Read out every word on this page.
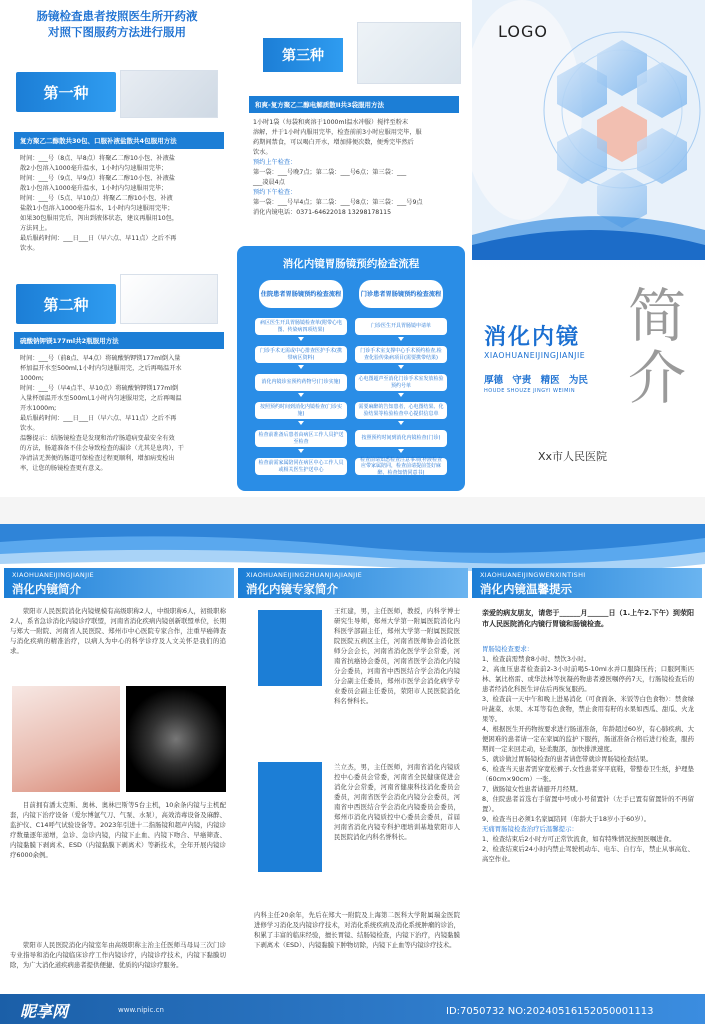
肠镜检查患者按照医生所开药液
对照下图服药方法进行服用
第一种
复方聚乙二醇散共30包、口服补液盐散共4包服用方法
时间：___号（8点、早8点）将聚乙二醇10小包、补液盐
散2小包溶入1000毫升温水，1小时内匀速服用完毕；
时间：___号（9点、早9点）将聚乙二醇10小包、补液盐
散1小包溶入1000毫升温水，1小时内匀速服用完毕；
时间：___号（5点、早10点）将聚乙二醇10小包、补液
盐散1小包溶入1000毫升温水，1小时内匀速服用完毕；
如果30包服用完后，泻出到液体状态，建议再服用10包，
方法同上。
最后服药时间：___日___日（早六点、早11点）之后不再
饮水。
第二种
硫酸钠钾镁177ml共2瓶服用方法
时间：___号（前8点、早4点）将硫酸钠钾镁177ml倒入量
杯加温开水至500ml,1小时内匀速服用完，之后再喝温开水
1000m;
时间：___号（早4点半、早10点）将硫酸钠钾镁177ml倒
入量杯加温开水至500ml,1小时内匀速服用完，之后再喝温
开水1000m;
最后服药时间：___日___日（早六点、早11点）之后不再
饮水。
温馨提示：结肠镜检查是发现和治疗肠道病变最安全有效
的方法，肠道准备不佳会导致检查的漏诊（尤其是息肉），干
净清洁无粪便的肠道可保检查过程更顺利，增加病变检出
率，让您的肠镜检查更有意义。
第三种
和爽-复方聚乙二醇电解质散II共3袋服用方法
1小时1袋（每袋和爽溶于1000ml温水冲服）搅拌至粉末
溶解，并于1小时内服用完毕，检查前前3小时应服用完毕，服
药期间禁食，可以喝白开水，增加排便次数，便秀完毕然后
饮水。
预约上午检查：
第一袋：___号晚7点；第二袋：___号6点；第三袋：___
___凌晨4点
预约下午检查：
第一袋：___号早4点；第二袋：___号8点；第三袋：___号9点
消化内镜电话：0371-64622018 13298178115
消化内镜胃肠镜预约检查流程
住院患者胃肠镜预约检查流程	门诊患者胃肠镜预约检查流程
病区医生开具胃肠镜检查单(附带心电图、传染病四项结果)
门诊手术无需或中心排查医护手术(携带病区资料)
消化内镜诊室预约药物号(门诊实施)
按照预约时间到消化内镜检查(门诊实施)
检查前准备后患者由病区工作人员护送至检查
检查前需家属陪同在病区中心工作人员或相关医生护送中心
门诊医生开具胃肠镜申请单
门诊手术室支撑中心手术预约检查,检查化验传染病项目(需要携带结果)
心电图超声至消化门诊手术室发放检验预约号单
需要麻醉的告知患者，心电图结果、化验结果等检验检查中心提供信息单
按照预约时间到消化内镜检查(门诊)
检查前请知悉检查注意事项(补液检查应带家属陪同，检查前请提前签好麻醉、检查知情同意书)
LOGO
消化内镜
XIAOHUANEIJINGJIANJIE
厚德 守责 精医 为民
HOUDE SHOUZE JINGYI WEIMIN
简介
Xx市人民医院
XIAOHUANEIJINGJIANJIE
消化内镜简介

荥阳市人民医院消化内镜规模有高级职称2人，中级职称6人，初级职称2人，系省急诊消化内镜诊疗联盟，河南省消化疾病内镜创新联盟单位，长期与郑大一附院、河南省人民医院、郑州市中心医院专家合作，注重早癌筛查与消化疾病的精准治疗，以病人为中心的科学诊疗及人文关怀是我们的追求。

目前拥有潘太克斯、奥林、奥林巴斯等5台主机，10余条内镜与主机配套，内镜下治疗设备（爱尔博氩气刀、气泵、水泵），高效消毒设备及麻醉、监护仪、C14呼气试验设备等。2023年引进十二指肠镜和超声内镜，内镜诊疗数量逐年递增，急诊、急诊内镜，内镜下止血、内镜下吻合、早癌筛查、内镜黏膜下剥离术、ESD（内镜黏膜下剥离术）等新技术，全年开展内镜诊疗6000余例。

荥阳市人民医院消化内镜室年由高级职称主治主任医师马母局三次门诊专业指导和消化内镜临床诊疗工作内镜诊疗，内镜诊疗技术，内镜下黏膜切除，为广大消化道疾病患者提供便捷、优质的内镜诊疗服务。

XIAOHUANEIJINGZHUANJIAJIANJIE
消化内镜专家简介
王红建，男，主任医师，教授，内科学博士 研究生导师，郑州大学第一附属医院消化内科医学部副主任，郑州大学第一附属医院医院医院五病区主任，河南省医师协会消化医师分会会长，河南省消化医学学会常委，河南省抗癌协会委员，河南省医学会消化内镜分会委员，河南省中西医结合学会消化内镜分会副主任委员，郑州市医学会消化病学专业委员会副主任委员，荥阳市人民医院消化科名誉科长。
兰立杰，男，主任医师，河南省消化内镜质控中心委员会常委，河南省全民健康促进会消化分会常委，河南省健康科技消化委员会委员，河南省医学会消化内镜分会委员，河南省中西医结合学会消化内镜委员会委员，郑州市消化内镜质控中心委员会委员，首届河南省消化内镜专科护理培训基地荥阳市人民医院消化内科名誉科长。
内科主任20余年，先后在郑大一附院及上海第二医科大学附属瑞金医院进修学习消化及内镜诊疗技术，对消化系统疾病及消化系统肿瘤的诊治，积累了丰富的临床经验，擅长胃镜、结肠镜检查，内镜下治疗，内镜黏膜下剥离术（ESD）、内镜黏膜下肿物切除，内镜下止血等内镜诊疗技术。
XIAOHUANEIJINGWENXINTISHI
消化内镜温馨提示
亲爱的病友朋友，请您于______月______日（1.上午2.下午）到荥阳市人民医院消化内镜行胃镜和肠镜检查。
胃肠镜检查要求：
1、检查前需禁食8小时、禁饮3小时。
2、高血压患者检查前2-3小时前喝5-10ml水并口服降压药；口服阿斯匹林、氯比格雷、或华法林等抗凝药物患者遵医嘱停药7天，行肠镜检查后的患者经消化科医生评估后再恢复服药。
3、检查前一天中午和晚上进易消化（可食面条、米饭等白色食物）：禁食绿叶蔬菜、水果、木耳等有色食物，禁止食用有籽的水果如西瓜、甜瓜、火龙果等。
4、根据医生开药物按要求进行肠道准备，年龄超过60岁，有心肺疾病、大便困难的患者请一定在家属的监护下服药，肠道准备合格后进行检查，服药期间一定来回走动，轻柔腹部，加快排泄速度。
5、就诊做过胃肠镜检查的患者请您带就诊胃肠镜检查结果。
6、检查当天患者需穿宽松裤子,女性患者穿平底鞋，带整卷卫生纸，护理垫（60cm×90cm）一张。
7、做肠镜女性患者请避开月经期。
8、住院患者首选右手留置中号或小号留置针（左手已置有留置针的不再留置）。
9、检查当日必须1名家属陪同（年龄大于18岁小于60岁）。
无痛胃肠镜检查治疗后温馨提示：
1、检查结束后2小时方可正常饮流食，如有特殊情况按照医嘱进食。
2、检查结束后24小时内禁止驾驶机动车、电车、自行车，禁止从事高危、高空作业。
昵享网	www.nipic.cn	ID:7050732 NO:20240516152050001113
